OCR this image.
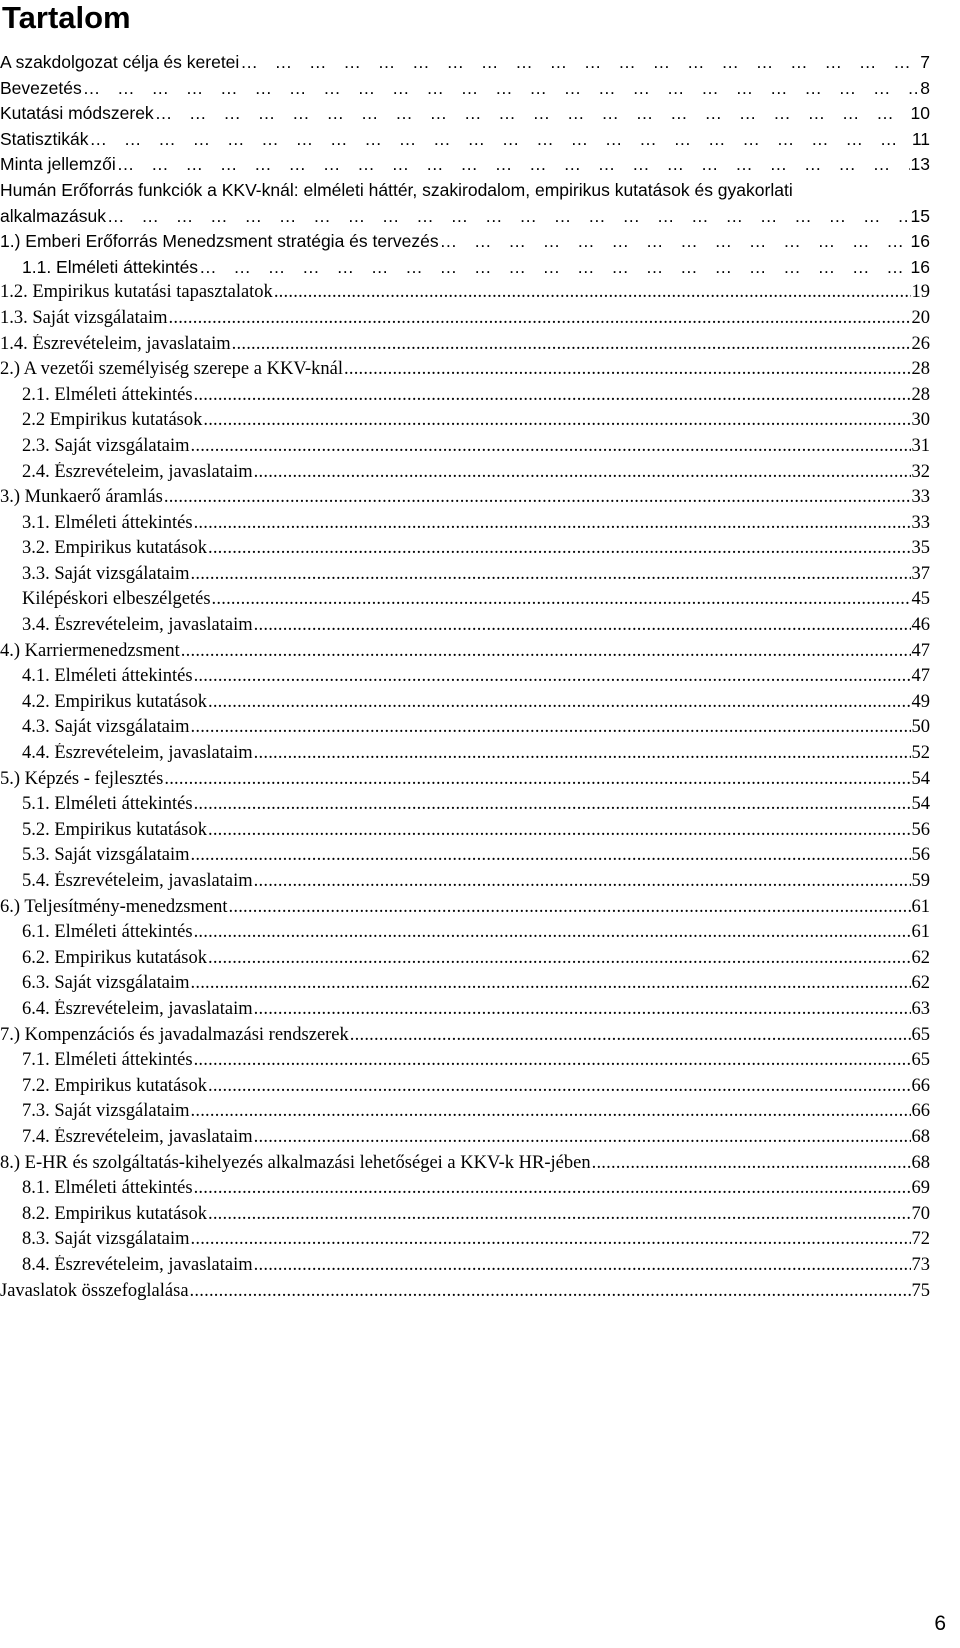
Tartalom
A szakdolgozat célja és keretei … … … … … … … … … … … … … … … … … … … … … … … … … … … … … … … … … … … … … … … … … … … … … … … … … … … … … … … … … … … … … … … … … … … … … … … … … … … … … … … … … … … … … … … … … … … … …	7
Bevezetés … … … … … … … … … … … … … … … … … … … … … … … … … … … … … … … … … … … … … … … … … … … … … … … … … … … … … … … … … … … … … … … … … … … … … … … … … … … … … … … … … … … … … … … … … … … … …	8
Kutatási módszerek … … … … … … … … … … … … … … … … … … … … … … … … … … … … … … … … … … … … … … … … … … … … … … … … … … … … … … … … … … … … … … … … … … … … … … … … … … … … … … … … … … … … … … … … … … … … …	10
Statisztikák … … … … … … … … … … … … … … … … … … … … … … … … … … … … … … … … … … … … … … … … … … … … … … … … … … … … … … … … … … … … … … … … … … … … … … … … … … … … … … … … … … … … … … … … … … … … …	11
Minta jellemzői … … … … … … … … … … … … … … … … … … … … … … … … … … … … … … … … … … … … … … … … … … … … … … … … … … … … … … … … … … … … … … … … … … … … … … … … … … … … … … … … … … … … … … … … … … … … …	13
Humán Erőforrás funkciók a KKV-knál: elméleti háttér, szakirodalom, empirikus kutatások és gyakorlati
alkalmazásuk … … … … … … … … … … … … … … … … … … … … … … … … … … … … … … … … … … … … … … … … … … … … … … … … … … … … … … … … … … … … … … … … … … … … … … … … … … … … … … … … … … … … … … … … … … … … …	15
1.) Emberi Erőforrás Menedzsment stratégia és tervezés … … … … … … … … … … … … … … … … … … … … … … … … … … … … … … … … … … … … … … … … … … … … … … … … … … … … … … … … … … … … … … … … … … … … … … … … … … … … … … … … … … … … … … … … … … … … …	16
1.1. Elméleti áttekintés … … … … … … … … … … … … … … … … … … … … … … … … … … … … … … … … … … … … … … … … … … … … … … … … … … … … … … … … … … … … … … … … … … … … … … … … … … … … … … … … … … … … … … … … … … … … …	16
1.2. Empirikus kutatási tapasztalatok . . .	19
1.3. Saját vizsgálataim . . .	20
1.4. Észrevételeim, javaslataim . . .	26
2.) A vezetői személyiség szerepe a KKV-knál . . .	28
2.1. Elméleti áttekintés . . .	28
2.2 Empirikus kutatások . . .	30
2.3. Saját vizsgálataim . . .	31
2.4. Észrevételeim, javaslataim . . .	32
3.) Munkaerő áramlás . . .	33
3.1. Elméleti áttekintés . . .	33
3.2. Empirikus kutatások . . .	35
3.3. Saját vizsgálataim . . .	37
Kilépéskori elbeszélgetés . . .	45
3.4. Észrevételeim, javaslataim . . .	46
4.) Karriermenedzsment . . .	47
4.1. Elméleti áttekintés . . .	47
4.2. Empirikus kutatások . . .	49
4.3. Saját vizsgálataim . . .	50
4.4. Észrevételeim, javaslataim . . .	52
5.) Képzés - fejlesztés . . .	54
5.1. Elméleti áttekintés . . .	54
5.2. Empirikus kutatások . . .	56
5.3. Saját vizsgálataim . . .	56
5.4. Észrevételeim, javaslataim . . .	59
6.) Teljesítmény-menedzsment . . .	61
6.1. Elméleti áttekintés . . .	61
6.2. Empirikus kutatások . . .	62
6.3. Saját vizsgálataim . . .	62
6.4. Észrevételeim, javaslataim . . .	63
7.) Kompenzációs és javadalmazási rendszerek . . .	65
7.1. Elméleti áttekintés . . .	65
7.2. Empirikus kutatások . . .	66
7.3. Saját vizsgálataim . . .	66
7.4. Észrevételeim, javaslataim . . .	68
8.) E-HR és szolgáltatás-kihelyezés alkalmazási lehetőségei a KKV-k HR-jében . . .	68
8.1. Elméleti áttekintés . . .	69
8.2. Empirikus kutatások . . .	70
8.3. Saját vizsgálataim . . .	72
8.4. Észrevételeim, javaslataim . . .	73
Javaslatok összefoglalása . . .	75
6
